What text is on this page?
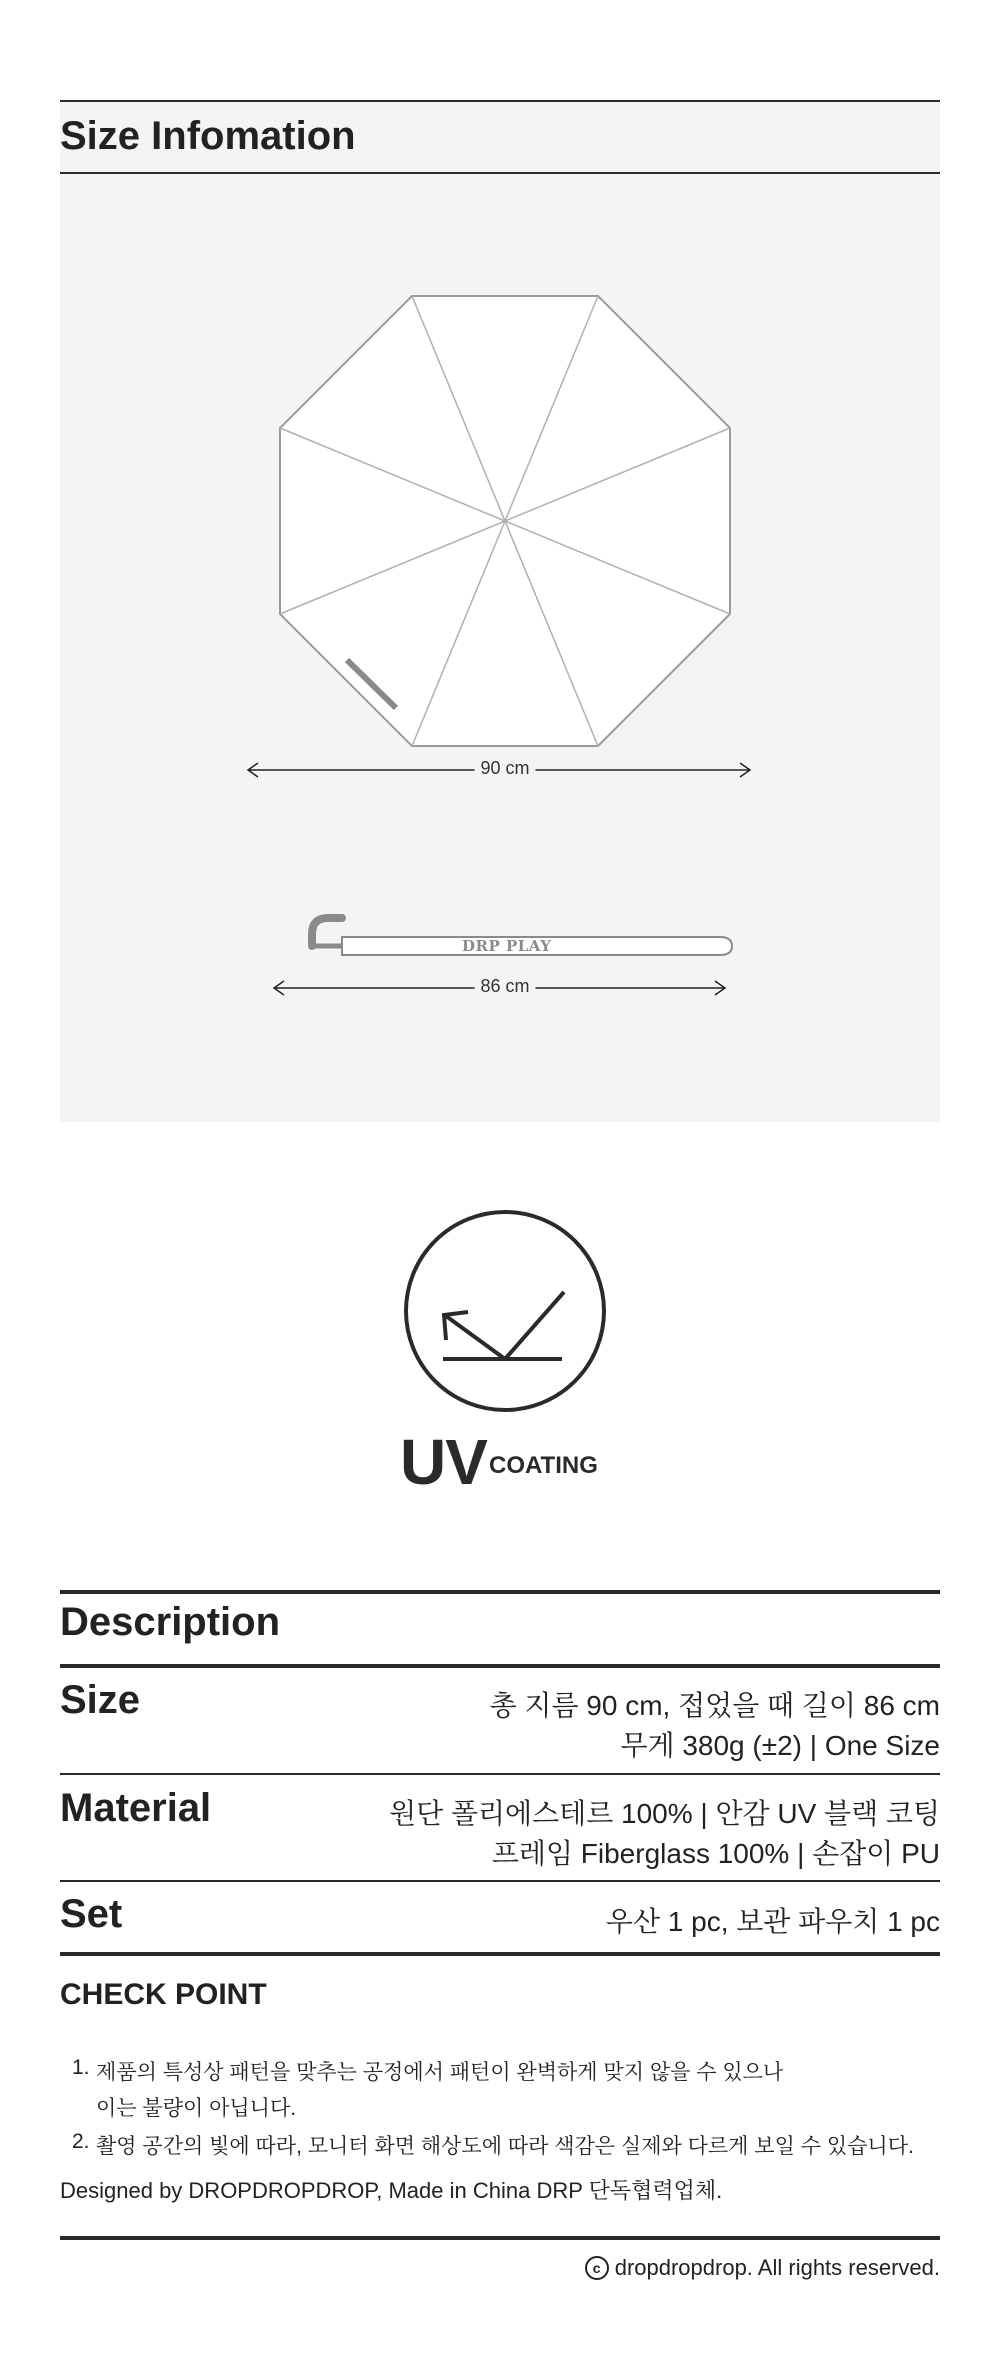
Size Infomation
90 cm
86 cm
DRP PLAY
UV COATING
Description
Size	총 지름 90 cm, 접었을 때 길이 86 cm
무게 380g (±2) | One Size
Material	원단 폴리에스테르 100% | 안감 UV 블랙 코팅
프레임 Fiberglass 100% | 손잡이 PU
Set	우산 1 pc, 보관 파우치 1 pc
CHECK POINT
1. 제품의 특성상 패턴을 맞추는 공정에서 패턴이 완벽하게 맞지 않을 수 있으나
이는 불량이 아닙니다.
2. 촬영 공간의 빛에 따라, 모니터 화면 해상도에 따라 색감은 실제와 다르게 보일 수 있습니다.
Designed by DROPDROPDROP, Made in China DRP 단독협력업체.
c dropdropdrop. All rights reserved.
